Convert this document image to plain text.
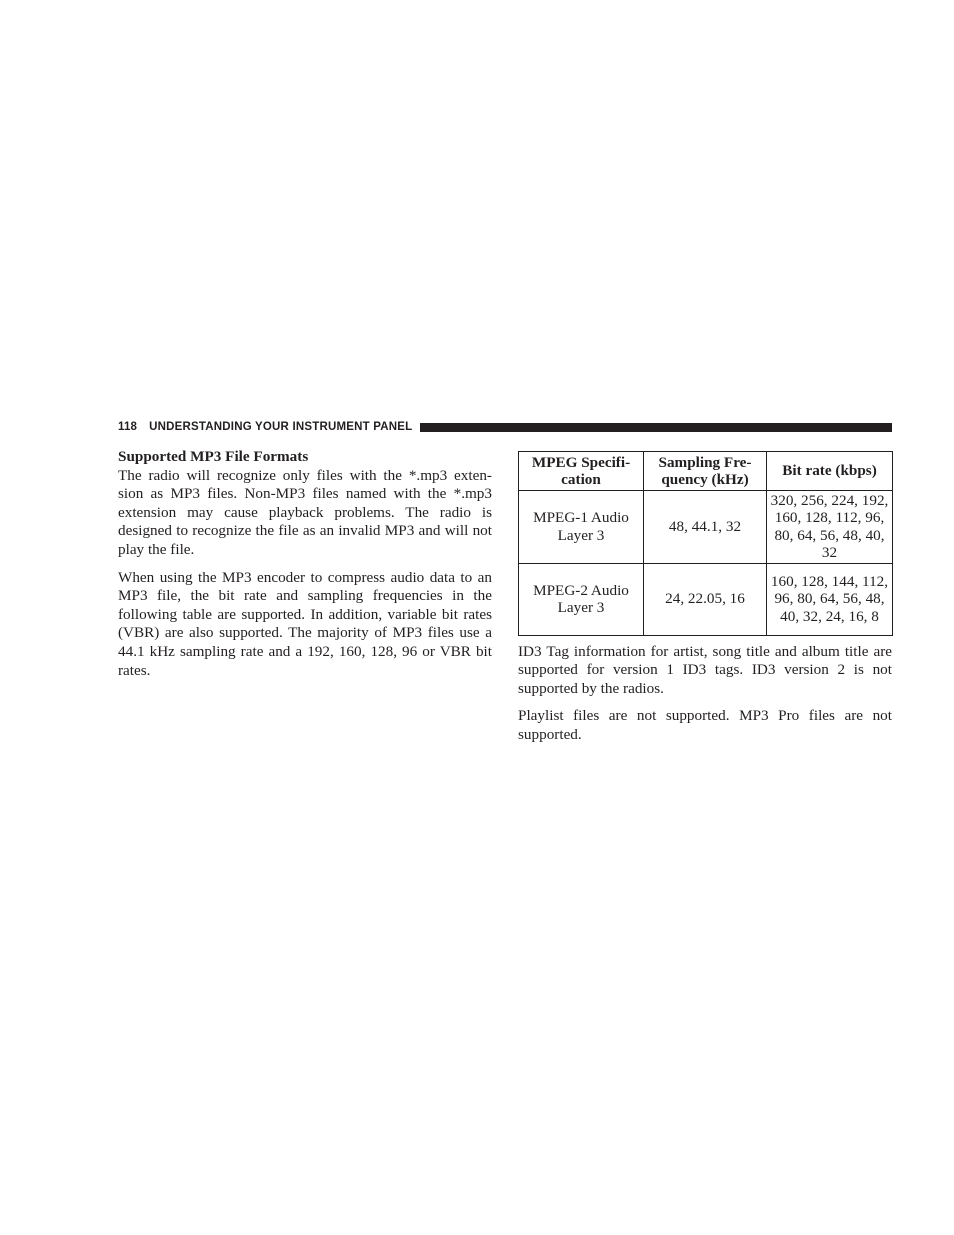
118 UNDERSTANDING YOUR INSTRUMENT PANEL
Supported MP3 File Formats

The radio will recognize only files with the *.mp3 exten- sion as MP3 files. Non-MP3 files named with the *.mp3 extension may cause playback problems. The radio is designed to recognize the file as an invalid MP3 and will not play the file.

When using the MP3 encoder to compress audio data to an MP3 file, the bit rate and sampling frequencies in the following table are supported. In addition, variable bit rates (VBR) are also supported. The majority of MP3 files use a 44.1 kHz sampling rate and a 192, 160, 128, 96 or VBR bit rates.

MPEG Specifi- cation	Sampling Fre- quency (kHz)	Bit rate (kbps)
MPEG-1 Audio Layer 3	48, 44.1, 32	320, 256, 224, 192, 160, 128, 112, 96, 80, 64, 56, 48, 40, 32
MPEG-2 Audio Layer 3	24, 22.05, 16	160, 128, 144, 112, 96, 80, 64, 56, 48, 40, 32, 24, 16, 8

ID3 Tag information for artist, song title and album title are supported for version 1 ID3 tags. ID3 version 2 is not supported by the radios.

Playlist files are not supported. MP3 Pro files are not supported.
